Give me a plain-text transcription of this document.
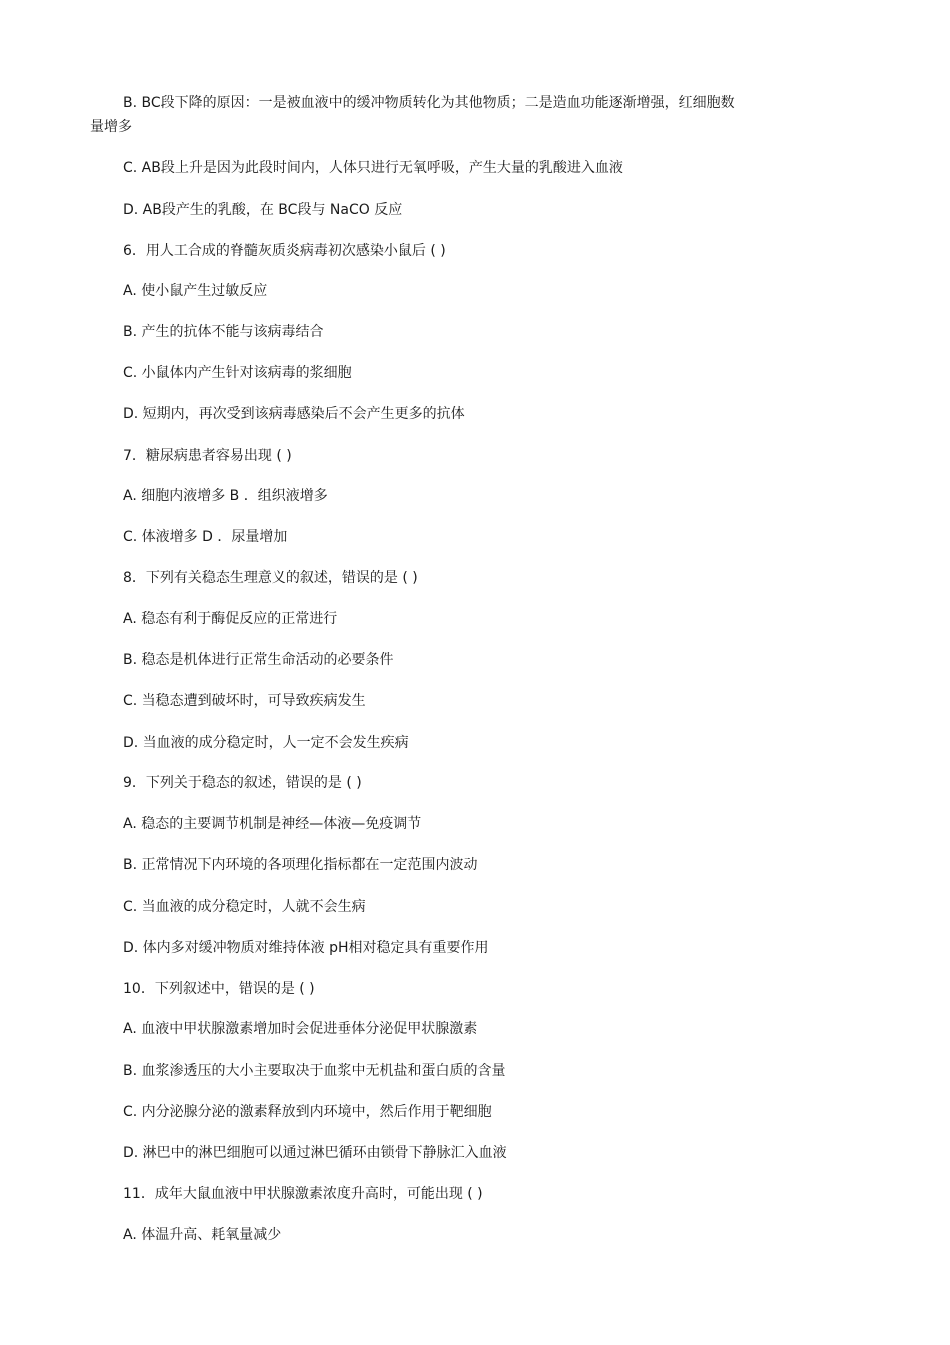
B. BC段下降的原因：一是被血液中的缓冲物质转化为其他物质；二是造血功能逐渐增强，红细胞数
量增多
C. AB段上升是因为此段时间内，人体只进行无氧呼吸，产生大量的乳酸进入血液
D. AB段产生的乳酸，在 BC段与 NaCO 反应
6．用人工合成的脊髓灰质炎病毒初次感染小鼠后 ( )
A. 使小鼠产生过敏反应
B. 产生的抗体不能与该病毒结合
C. 小鼠体内产生针对该病毒的浆细胞
D. 短期内，再次受到该病毒感染后不会产生更多的抗体
7．糖尿病患者容易出现 ( )
A. 细胞内液增多 B ．组织液增多
C. 体液增多 D ．尿量增加
8．下列有关稳态生理意义的叙述，错误的是 ( )
A. 稳态有利于酶促反应的正常进行
B. 稳态是机体进行正常生命活动的必要条件
C. 当稳态遭到破坏时，可导致疾病发生
D. 当血液的成分稳定时，人一定不会发生疾病
9．下列关于稳态的叙述，错误的是 ( )
A. 稳态的主要调节机制是神经—体液—免疫调节
B. 正常情况下内环境的各项理化指标都在一定范围内波动
C. 当血液的成分稳定时，人就不会生病
D. 体内多对缓冲物质对维持体液 pH相对稳定具有重要作用
10．下列叙述中，错误的是 ( )
A. 血液中甲状腺激素增加时会促进垂体分泌促甲状腺激素
B. 血浆渗透压的大小主要取决于血浆中无机盐和蛋白质的含量
C. 内分泌腺分泌的激素释放到内环境中，然后作用于靶细胞
D. 淋巴中的淋巴细胞可以通过淋巴循环由锁骨下静脉汇入血液
11．成年大鼠血液中甲状腺激素浓度升高时，可能出现 ( )
A. 体温升高、耗氧量减少
